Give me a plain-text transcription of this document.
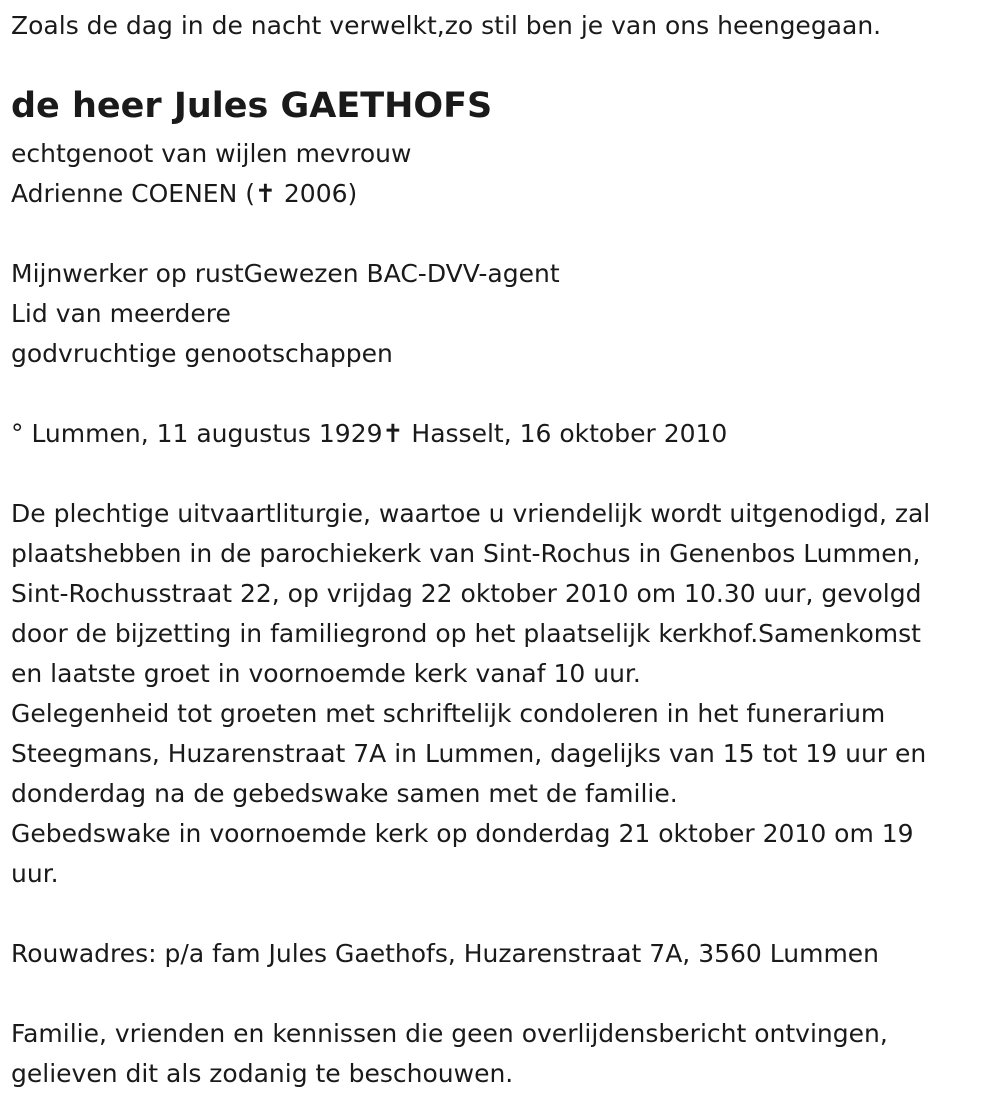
Zoals de dag in de nacht verwelkt,zo stil ben je van ons heengegaan.
de heer Jules GAETHOFS
echtgenoot van wijlen mevrouw
Adrienne COENEN (✝ 2006)
Mijnwerker op rustGewezen BAC-DVV-agent
Lid van meerdere
godvruchtige genootschappen
° Lummen, 11 augustus 1929✝ Hasselt, 16 oktober 2010
De plechtige uitvaartliturgie, waartoe u vriendelijk wordt uitgenodigd, zal
plaatshebben in de parochiekerk van Sint-Rochus in Genenbos Lummen,
Sint-Rochusstraat 22, op vrijdag 22 oktober 2010 om 10.30 uur, gevolgd
door de bijzetting in familiegrond op het plaatselijk kerkhof.Samenkomst
en laatste groet in voornoemde kerk vanaf 10 uur.
Gelegenheid tot groeten met schriftelijk condoleren in het funerarium
Steegmans, Huzarenstraat 7A in Lummen, dagelijks van 15 tot 19 uur en
donderdag na de gebedswake samen met de familie.
Gebedswake in voornoemde kerk op donderdag 21 oktober 2010 om 19
uur.
Rouwadres: p/a fam Jules Gaethofs, Huzarenstraat 7A, 3560 Lummen
Familie, vrienden en kennissen die geen overlijdensbericht ontvingen,
gelieven dit als zodanig te beschouwen.
